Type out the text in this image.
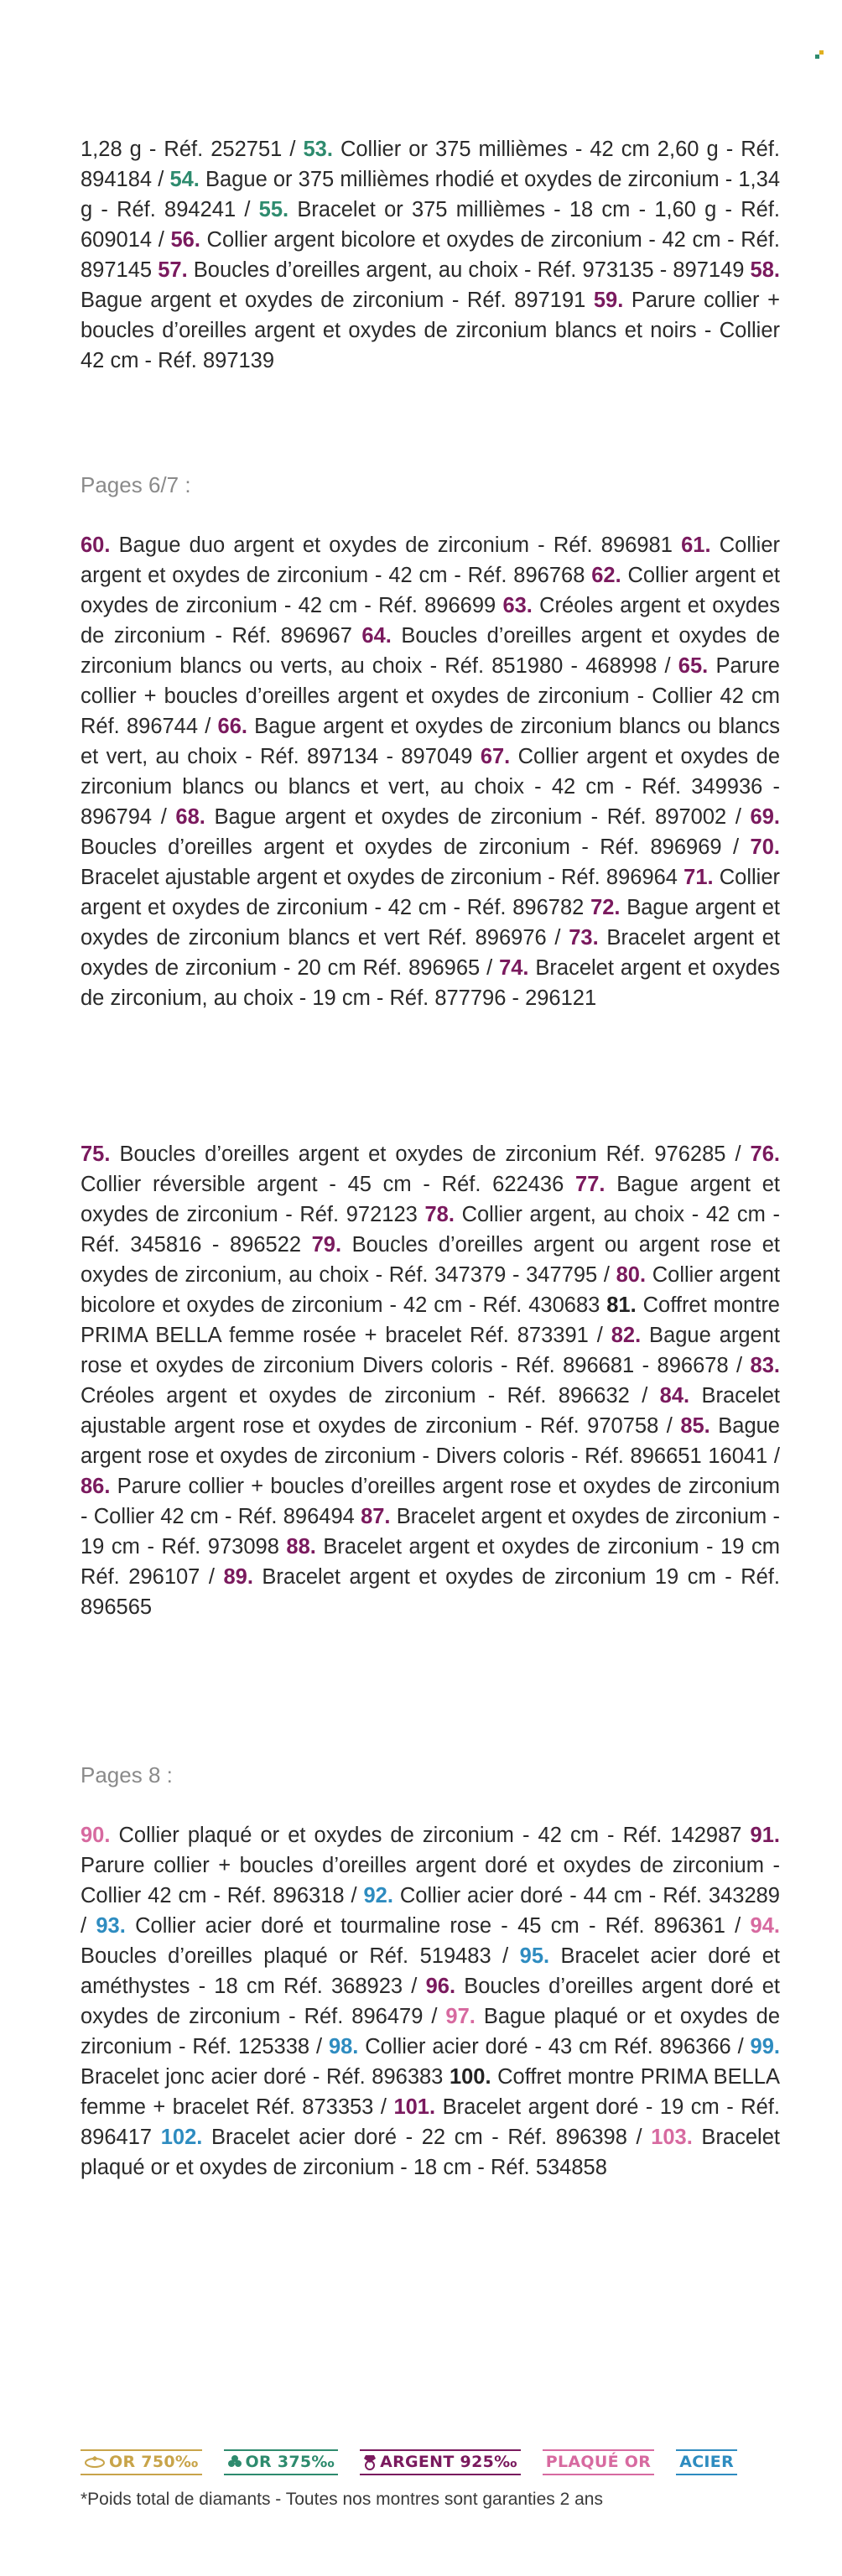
1,28 g - Réf. 252751 / 53. Collier or 375 millièmes - 42 cm 2,60 g - Réf. 894184 / 54. Bague or 375 millièmes rhodié et oxydes de zirconium - 1,34 g - Réf. 894241 / 55. Bracelet or 375 millièmes - 18 cm - 1,60 g - Réf. 609014 / 56. Collier argent bicolore et oxydes de zirconium - 42 cm - Réf. 897145 57. Boucles d’oreilles argent, au choix - Réf. 973135 - 897149 58. Bague argent et oxydes de zirconium - Réf. 897191 59. Parure collier + boucles d’oreilles argent et oxydes de zirconium blancs et noirs - Collier 42 cm - Réf. 897139

Pages 6/7 :

60. Bague duo argent et oxydes de zirconium - Réf. 896981 61. Collier argent et oxydes de zirconium - 42 cm - Réf. 896768 62. Collier argent et oxydes de zirconium - 42 cm - Réf. 896699 63. Créoles argent et oxydes de zirconium - Réf. 896967 64. Boucles d’oreilles argent et oxydes de zirconium blancs ou verts, au choix - Réf. 851980 - 468998 / 65. Parure collier + boucles d’oreilles argent et oxydes de zirconium - Collier 42 cm Réf. 896744 / 66. Bague argent et oxydes de zirconium blancs ou blancs et vert, au choix - Réf. 897134 - 897049 67. Collier argent et oxydes de zirconium blancs ou blancs et vert, au choix - 42 cm - Réf. 349936 - 896794 / 68. Bague argent et oxydes de zirconium - Réf. 897002 / 69. Boucles d’oreilles argent et oxydes de zirconium - Réf. 896969 / 70. Bracelet ajustable argent et oxydes de zirconium - Réf. 896964 71. Collier argent et oxydes de zirconium - 42 cm - Réf. 896782 72. Bague argent et oxydes de zirconium blancs et vert Réf. 896976 / 73. Bracelet argent et oxydes de zirconium - 20 cm Réf. 896965 / 74. Bracelet argent et oxydes de zirconium, au choix - 19 cm - Réf. 877796 - 296121

75. Boucles d’oreilles argent et oxydes de zirconium Réf. 976285 / 76. Collier réversible argent - 45 cm - Réf. 622436 77. Bague argent et oxydes de zirconium - Réf. 972123 78. Collier argent, au choix - 42 cm - Réf. 345816 - 896522 79. Boucles d’oreilles argent ou argent rose et oxydes de zirconium, au choix - Réf. 347379 - 347795 / 80. Collier argent bicolore et oxydes de zirconium - 42 cm - Réf. 430683 81. Coffret montre PRIMA BELLA femme rosée + bracelet Réf. 873391 / 82. Bague argent rose et oxydes de zirconium Divers coloris - Réf. 896681 - 896678 / 83. Créoles argent et oxydes de zirconium - Réf. 896632 / 84. Bracelet ajustable argent rose et oxydes de zirconium - Réf. 970758 / 85. Bague argent rose et oxydes de zirconium - Divers coloris - Réf. 896651 16041 / 86. Parure collier + boucles d’oreilles argent rose et oxydes de zirconium - Collier 42 cm - Réf. 896494 87. Bracelet argent et oxydes de zirconium - 19 cm - Réf. 973098 88. Bracelet argent et oxydes de zirconium - 19 cm Réf. 296107 / 89. Bracelet argent et oxydes de zirconium 19 cm - Réf. 896565

Pages 8 :

90. Collier plaqué or et oxydes de zirconium - 42 cm - Réf. 142987 91. Parure collier + boucles d’oreilles argent doré et oxydes de zirconium - Collier 42 cm - Réf. 896318 / 92. Collier acier doré - 44 cm - Réf. 343289 / 93. Collier acier doré et tourmaline rose - 45 cm - Réf. 896361 / 94. Boucles d’oreilles plaqué or Réf. 519483 / 95. Bracelet acier doré et améthystes - 18 cm Réf. 368923 / 96. Boucles d’oreilles argent doré et oxydes de zirconium - Réf. 896479 / 97. Bague plaqué or et oxydes de zirconium - Réf. 125338 / 98. Collier acier doré - 43 cm Réf. 896366 / 99. Bracelet jonc acier doré - Réf. 896383 100. Coffret montre PRIMA BELLA femme + bracelet Réf. 873353 / 101. Bracelet argent doré - 19 cm - Réf. 896417 102. Bracelet acier doré - 22 cm - Réf. 896398 / 103. Bracelet plaqué or et oxydes de zirconium - 18 cm - Réf. 534858

OR 750‰	OR 375‰	ARGENT 925‰ PLAQUÉ OR ACIER

*Poids total de diamants - Toutes nos montres sont garanties 2 ans
